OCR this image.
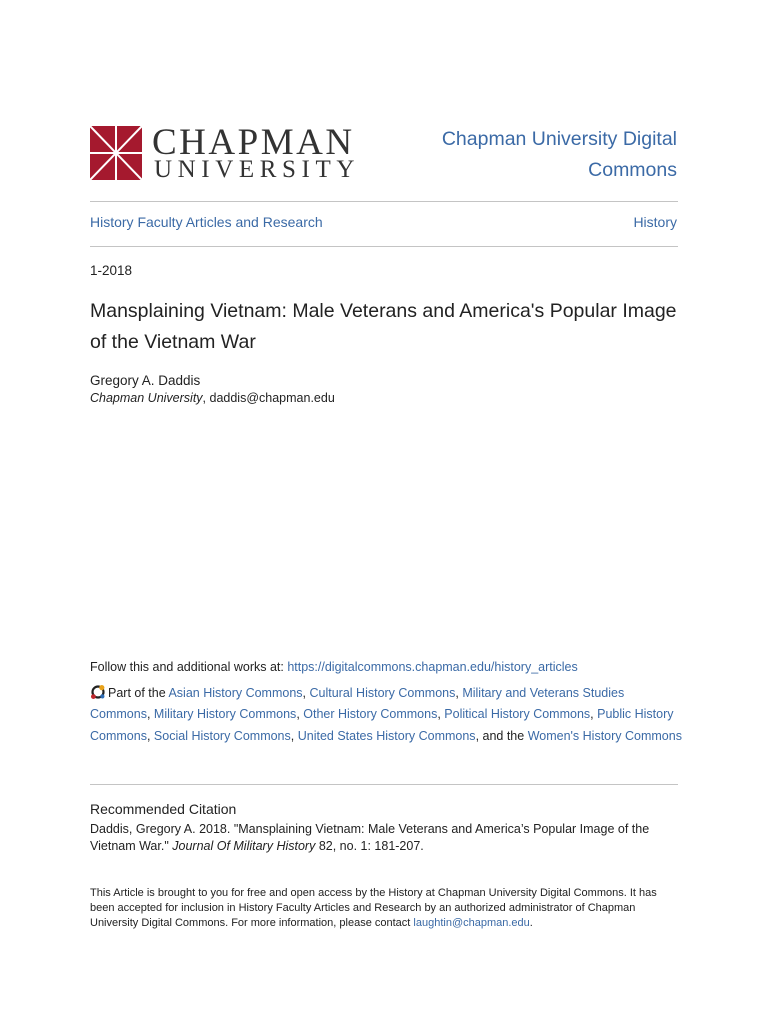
CHAPMAN
UNIVERSITY
Chapman University Digital Commons
History Faculty Articles and Research	History
1-2018
Mansplaining Vietnam: Male Veterans and America's Popular Image of the Vietnam War
Gregory A. Daddis
Chapman University, daddis@chapman.edu
Follow this and additional works at: https://digitalcommons.chapman.edu/history_articles
Part of the Asian History Commons, Cultural History Commons, Military and Veterans Studies Commons, Military History Commons, Other History Commons, Political History Commons, Public History Commons, Social History Commons, United States History Commons, and the Women's History Commons
Recommended Citation
Daddis, Gregory A. 2018. "Mansplaining Vietnam: Male Veterans and America’s Popular Image of the Vietnam War." Journal Of Military History 82, no. 1: 181-207.
This Article is brought to you for free and open access by the History at Chapman University Digital Commons. It has been accepted for inclusion in History Faculty Articles and Research by an authorized administrator of Chapman University Digital Commons. For more information, please contact laughtin@chapman.edu.
